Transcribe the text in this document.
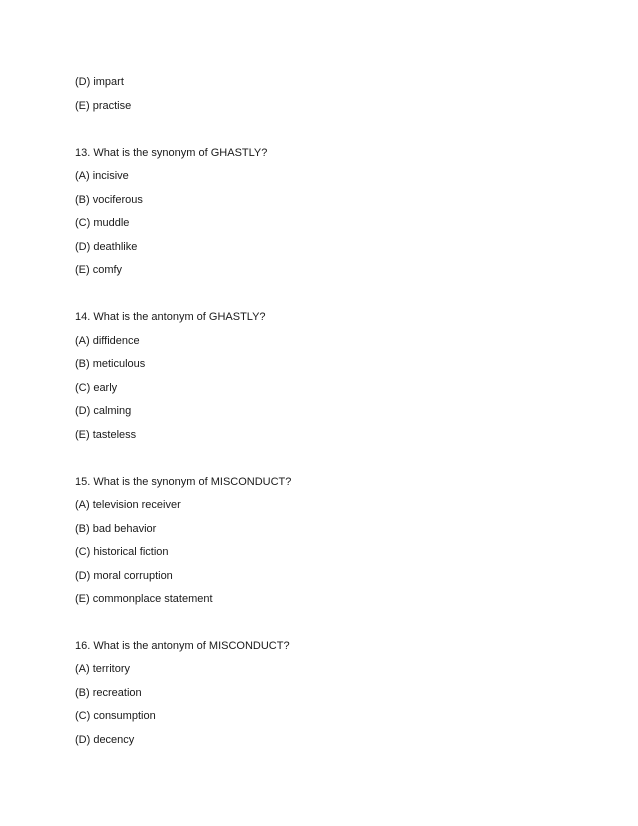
(D) impart
(E) practise
13. What is the synonym of GHASTLY?
(A) incisive
(B) vociferous
(C) muddle
(D) deathlike
(E) comfy
14. What is the antonym of GHASTLY?
(A) diffidence
(B) meticulous
(C) early
(D) calming
(E) tasteless
15. What is the synonym of MISCONDUCT?
(A) television receiver
(B) bad behavior
(C) historical fiction
(D) moral corruption
(E) commonplace statement
16. What is the antonym of MISCONDUCT?
(A) territory
(B) recreation
(C) consumption
(D) decency
